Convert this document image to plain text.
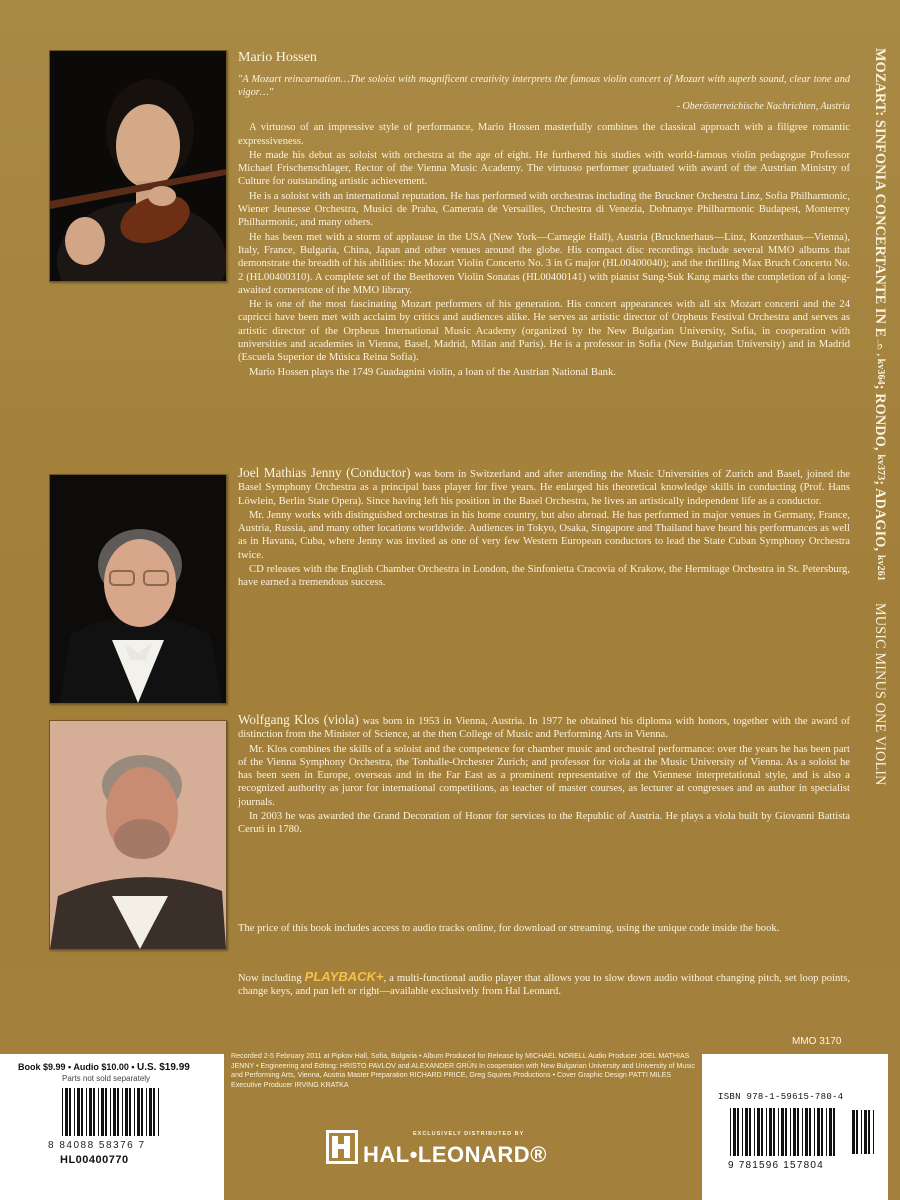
MOZART: SINFONIA CONCERTANTE IN E♭, kv364; RONDO, kv373; ADAGIO, kv261MUSIC MINUS ONE VIOLIN
Mario Hossen
"A Mozart reincarnation…The soloist with magnificent creativity interprets the famous violin concert of Mozart with superb sound, clear tone and vigor…"
- Oberösterreichische Nachrichten, Austria

A virtuoso of an impressive style of performance, Mario Hossen masterfully combines the classical approach with a filigree romantic expressiveness.

He made his debut as soloist with orchestra at the age of eight. He furthered his studies with world-famous violin pedagogue Professor Michael Frischenschlager, Rector of the Vienna Music Academy. The virtuoso performer graduated with award of the Austrian Ministry of Culture for outstanding artistic achievement.

He is a soloist with an international reputation. He has performed with orchestras including the Bruckner Orchestra Linz, Sofia Philharmonic, Wiener Jeunesse Orchestra, Musici de Praha, Camerata de Versailles, Orchestra di Venezia, Dohnanye Philharmonic Budapest, Monterrey Philharmonic, and many others.

He has been met with a storm of applause in the USA (New York—Carnegie Hall), Austria (Brucknerhaus—Linz, Konzerthaus—Vienna), Italy, France, Bulgaria, China, Japan and other venues around the globe. His compact disc recordings include several MMO albums that demonstrate the breadth of his abilities: the Mozart Violin Concerto No. 3 in G major (HL00400040); and the thrilling Max Bruch Concerto No. 2 (HL00400310). A complete set of the Beethoven Violin Sonatas (HL00400141) with pianist Sung-Suk Kang marks the completion of a long-awaited cornerstone of the MMO library.

He is one of the most fascinating Mozart performers of his generation. His concert appearances with all six Mozart concerti and the 24 capricci have been met with acclaim by critics and audiences alike. He serves as artistic director of Orpheus Festival Orchestra and serves as artistic director of the Orpheus International Music Academy (organized by the New Bulgarian University, Sofia, in cooperation with universities and academies in Vienna, Basel, Madrid, Milan and Paris). He is a professor in Sofia (New Bulgarian University) and in Madrid (Escuela Superior de Música Reina Sofia).

Mario Hossen plays the 1749 Guadagnini violin, a loan of the Austrian National Bank.

Joel Mathias Jenny (Conductor) was born in Switzerland and after attending the Music Universities of Zurich and Basel, joined the Basel Symphony Orchestra as a principal bass player for five years. He enlarged his theoretical knowledge skills in conducting (Prof. Hans Löwlein, Berlin State Opera). Since having left his position in the Basel Orchestra, he lives an artistically independent life as a conductor.

Mr. Jenny works with distinguished orchestras in his home country, but also abroad. He has performed in major venues in Germany, France, Austria, Russia, and many other locations worldwide. Audiences in Tokyo, Osaka, Singapore and Thailand have heard his performances as well as in Havana, Cuba, where Jenny was invited as one of very few Western European conductors to lead the State Cuban Symphony Orchestra twice.

CD releases with the English Chamber Orchestra in London, the Sinfonietta Cracovia of Krakow, the Hermitage Orchestra in St. Petersburg, have earned a tremendous success.

Wolfgang Klos (viola) was born in 1953 in Vienna, Austria. In 1977 he obtained his diploma with honors, together with the award of distinction from the Minister of Science, at the then College of Music and Performing Arts in Vienna.

Mr. Klos combines the skills of a soloist and the competence for chamber music and orchestral performance: over the years he has been part of the Vienna Symphony Orchestra, the Tonhalle-Orchester Zurich; and professor for viola at the Music University of Vienna. As a soloist he has been seen in Europe, overseas and in the Far East as a prominent representative of the Viennese interpretational style, and is also a recognized authority as juror for international competitions, as teacher of master courses, as lecturer at congresses and as author in specialist journals.

In 2003 he was awarded the Grand Decoration of Honor for services to the Republic of Austria. He plays a viola built by Giovanni Battista Ceruti in 1780.

The price of this book includes access to audio tracks online, for download or streaming, using the unique code inside the book.

Now including PLAYBACK+, a multi-functional audio player that allows you to slow down audio without changing pitch, set loop points, change keys, and pan left or right—available exclusively from Hal Leonard.

MMO 3170
Book $9.99 • Audio $10.00 • U.S. $19.99
Parts not sold separately
8 84088 58376 7
HL00400770
Recorded 2-5 February 2011 at Pipkov Hall, Sofia, Bulgaria • Album Produced for Release by MICHAEL NORELL Audio Producer JOEL MATHIAS JENNY • Engineering and Editing: HRISTO PAVLOV and ALEXANDER GRÜN In cooperation with New Bulgarian University and University of Music and Performing Arts, Vienna, Austria Master Preparation RICHARD PRICE, Greg Squires Productions • Cover Graphic Design PATTI MILES Executive Producer IRVING KRATKA
EXCLUSIVELY DISTRIBUTED BY
HAL•LEONARD®
ISBN 978-1-59615-780-4
9 781596 157804
